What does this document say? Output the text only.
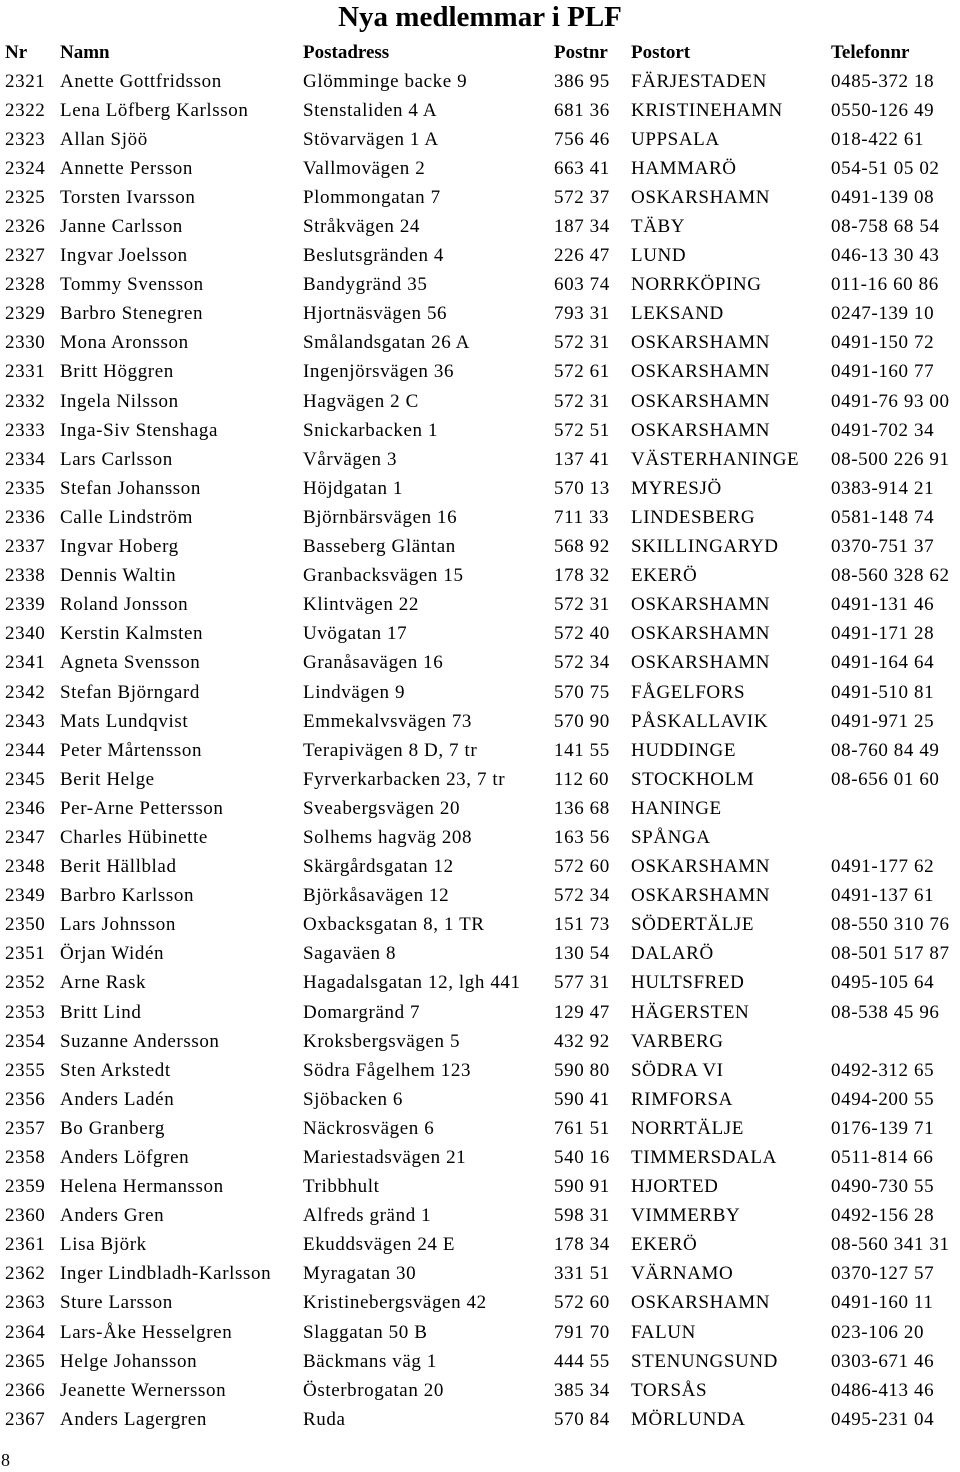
Nya medlemmar i PLF
Nr	Namn	Postadress	Postnr	Postort	Telefonnr
2321	Anette Gottfridsson	Glömminge backe 9	386 95	FÄRJESTADEN	0485-372 18
2322	Lena Löfberg Karlsson	Stenstaliden 4 A	681 36	KRISTINEHAMN	0550-126 49
2323	Allan Sjöö	Stövarvägen 1 A	756 46	UPPSALA	018-422 61
2324	Annette Persson	Vallmovägen 2	663 41	HAMMARÖ	054-51 05 02
2325	Torsten Ivarsson	Plommongatan 7	572 37	OSKARSHAMN	0491-139 08
2326	Janne Carlsson	Stråkvägen 24	187 34	TÄBY	08-758 68 54
2327	Ingvar Joelsson	Beslutsgränden 4	226 47	LUND	046-13 30 43
2328	Tommy Svensson	Bandygränd 35	603 74	NORRKÖPING	011-16 60 86
2329	Barbro Stenegren	Hjortnäsvägen 56	793 31	LEKSAND	0247-139 10
2330	Mona Aronsson	Smålandsgatan 26 A	572 31	OSKARSHAMN	0491-150 72
2331	Britt Höggren	Ingenjörsvägen 36	572 61	OSKARSHAMN	0491-160 77
2332	Ingela Nilsson	Hagvägen 2 C	572 31	OSKARSHAMN	0491-76 93 00
2333	Inga-Siv Stenshaga	Snickarbacken 1	572 51	OSKARSHAMN	0491-702 34
2334	Lars Carlsson	Vårvägen 3	137 41	VÄSTERHANINGE	08-500 226 91
2335	Stefan Johansson	Höjdgatan 1	570 13	MYRESJÖ	0383-914 21
2336	Calle Lindström	Björnbärsvägen 16	711 33	LINDESBERG	0581-148 74
2337	Ingvar Hoberg	Basseberg Gläntan	568 92	SKILLINGARYD	0370-751 37
2338	Dennis Waltin	Granbacksvägen 15	178 32	EKERÖ	08-560 328 62
2339	Roland Jonsson	Klintvägen 22	572 31	OSKARSHAMN	0491-131 46
2340	Kerstin Kalmsten	Uvögatan 17	572 40	OSKARSHAMN	0491-171 28
2341	Agneta Svensson	Granåsavägen 16	572 34	OSKARSHAMN	0491-164 64
2342	Stefan Björngard	Lindvägen 9	570 75	FÅGELFORS	0491-510 81
2343	Mats Lundqvist	Emmekalvsvägen 73	570 90	PÅSKALLAVIK	0491-971 25
2344	Peter Mårtensson	Terapivägen 8 D, 7 tr	141 55	HUDDINGE	08-760 84 49
2345	Berit Helge	Fyrverkarbacken 23, 7 tr	112 60	STOCKHOLM	08-656 01 60
2346	Per-Arne Pettersson	Sveabergsvägen 20	136 68	HANINGE	
2347	Charles Hübinette	Solhems hagväg 208	163 56	SPÅNGA	
2348	Berit Hällblad	Skärgårdsgatan 12	572 60	OSKARSHAMN	0491-177 62
2349	Barbro Karlsson	Björkåsavägen 12	572 34	OSKARSHAMN	0491-137 61
2350	Lars Johnsson	Oxbacksgatan 8, 1 TR	151 73	SÖDERTÄLJE	08-550 310 76
2351	Örjan Widén	Sagaväen 8	130 54	DALARÖ	08-501 517 87
2352	Arne Rask	Hagadalsgatan 12, lgh 441	577 31	HULTSFRED	0495-105 64
2353	Britt Lind	Domargränd 7	129 47	HÄGERSTEN	08-538 45 96
2354	Suzanne Andersson	Kroksbergsvägen 5	432 92	VARBERG	
2355	Sten Arkstedt	Södra Fågelhem 123	590 80	SÖDRA VI	0492-312 65
2356	Anders Ladén	Sjöbacken 6	590 41	RIMFORSA	0494-200 55
2357	Bo Granberg	Näckrosvägen 6	761 51	NORRTÄLJE	0176-139 71
2358	Anders Löfgren	Mariestadsvägen 21	540 16	TIMMERSDALA	0511-814 66
2359	Helena Hermansson	Tribbhult	590 91	HJORTED	0490-730 55
2360	Anders Gren	Alfreds gränd 1	598 31	VIMMERBY	0492-156 28
2361	Lisa Björk	Ekuddsvägen 24 E	178 34	EKERÖ	08-560 341 31
2362	Inger Lindbladh-Karlsson	Myragatan 30	331 51	VÄRNAMO	0370-127 57
2363	Sture Larsson	Kristinebergsvägen 42	572 60	OSKARSHAMN	0491-160 11
2364	Lars-Åke Hesselgren	Slaggatan 50 B	791 70	FALUN	023-106 20
2365	Helge Johansson	Bäckmans väg 1	444 55	STENUNGSUND	0303-671 46
2366	Jeanette Wernersson	Österbrogatan 20	385 34	TORSÅS	0486-413 46
2367	Anders Lagergren	Ruda	570 84	MÖRLUNDA	0495-231 04
8
